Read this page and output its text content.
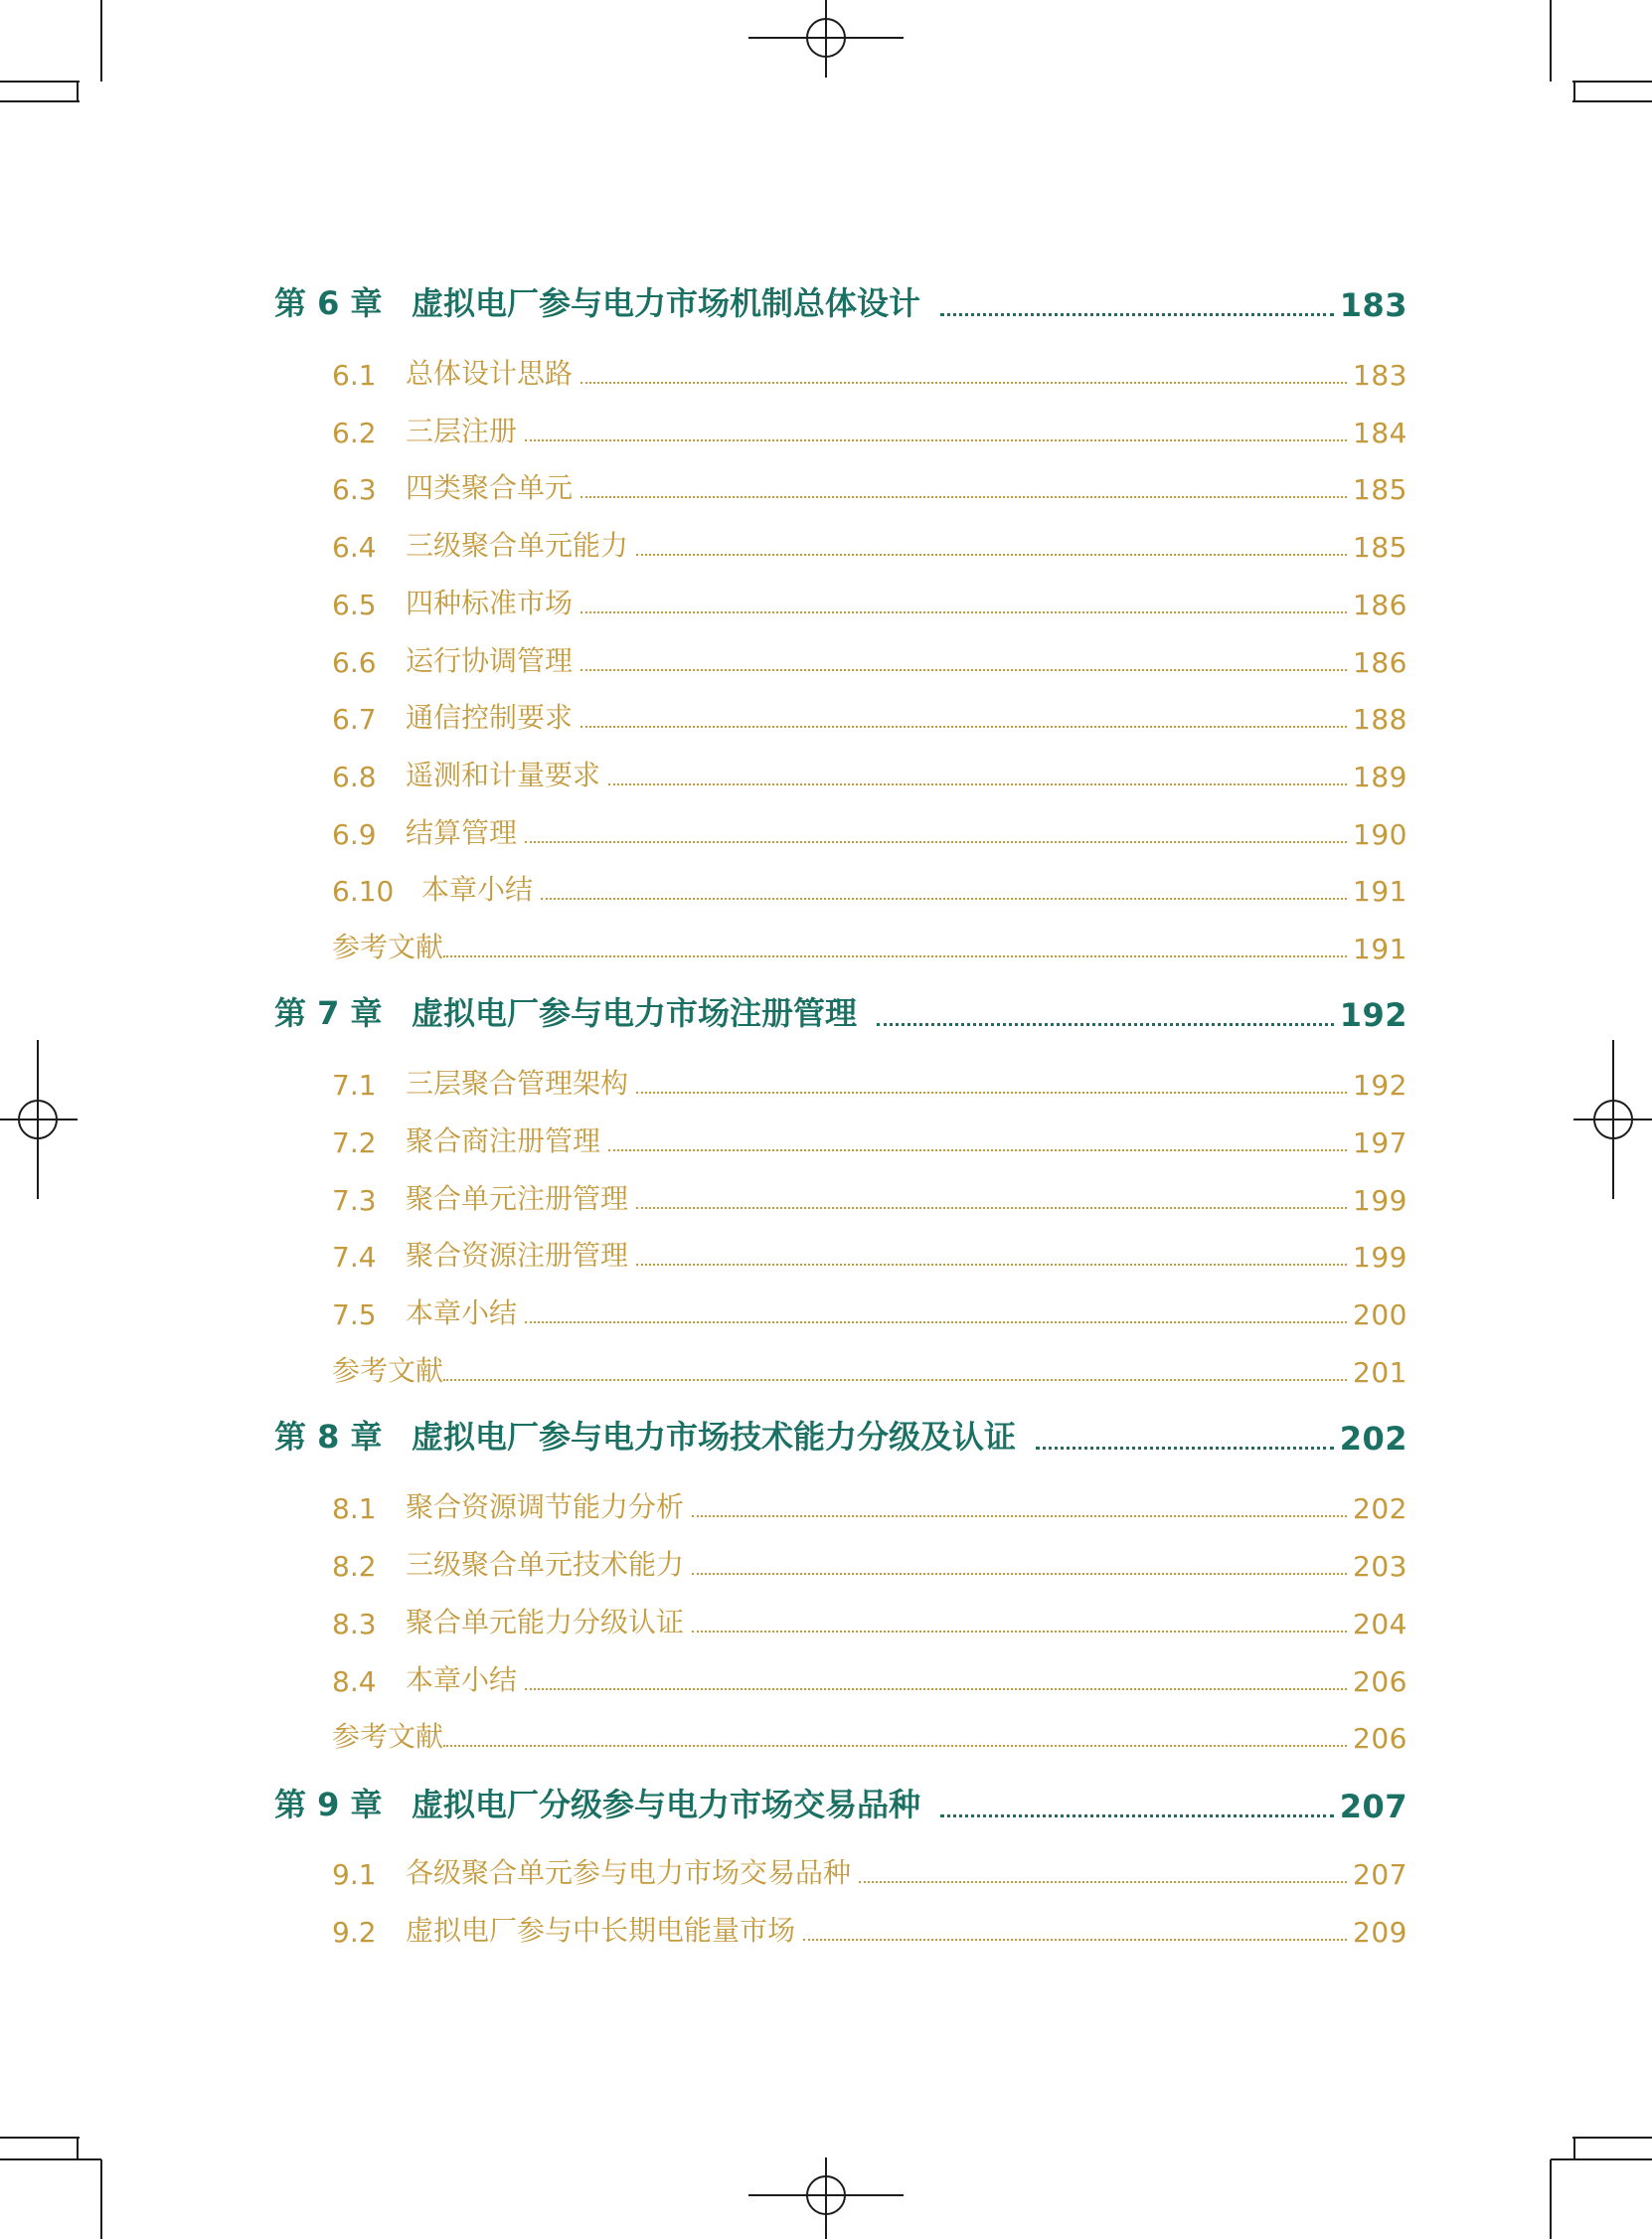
第 6 章 虚拟电厂参与电力市场机制总体设计	183
6.1	总体设计思路	183
6.2	三层注册	184
6.3	四类聚合单元	185
6.4	三级聚合单元能力	185
6.5	四种标准市场	186
6.6	运行协调管理	186
6.7	通信控制要求	188
6.8	遥测和计量要求	189
6.9	结算管理	190
6.10 本章小结	191
参考文献	191
第 7 章 虚拟电厂参与电力市场注册管理	192
7.1	三层聚合管理架构	192
7.2	聚合商注册管理	197
7.3	聚合单元注册管理	199
7.4	聚合资源注册管理	199
7.5	本章小结	200
参考文献	201
第 8 章 虚拟电厂参与电力市场技术能力分级及认证	202
8.1	聚合资源调节能力分析	202
8.2	三级聚合单元技术能力	203
8.3	聚合单元能力分级认证	204
8.4	本章小结	206
参考文献	206
第 9 章 虚拟电厂分级参与电力市场交易品种	207
9.1	各级聚合单元参与电力市场交易品种	207
9.2	虚拟电厂参与中长期电能量市场	209
